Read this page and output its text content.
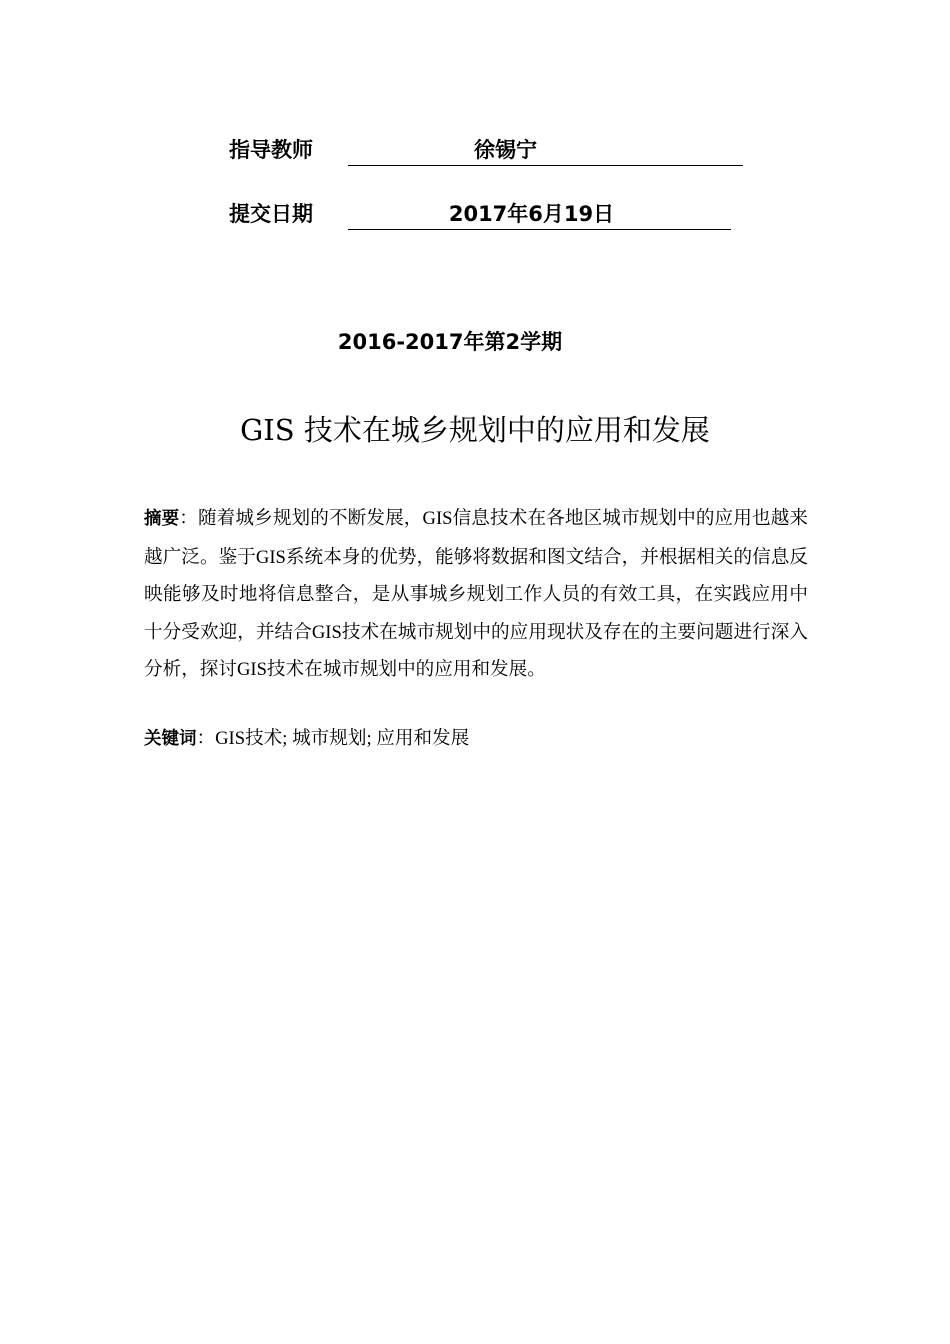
指导教师	徐锡宁
提交日期	2017年6月19日
2016-2017年第2学期
GIS 技术在城乡规划中的应用和发展
摘要：随着城乡规划的不断发展，GIS信息技术在各地区城市规划中的应用也越来越广泛。鉴于GIS系统本身的优势，能够将数据和图文结合，并根据相关的信息反映能够及时地将信息整合，是从事城乡规划工作人员的有效工具，在实践应用中十分受欢迎，并结合GIS技术在城市规划中的应用现状及存在的主要问题进行深入分析，探讨GIS技术在城市规划中的应用和发展。
关键词：GIS技术; 城市规划; 应用和发展
